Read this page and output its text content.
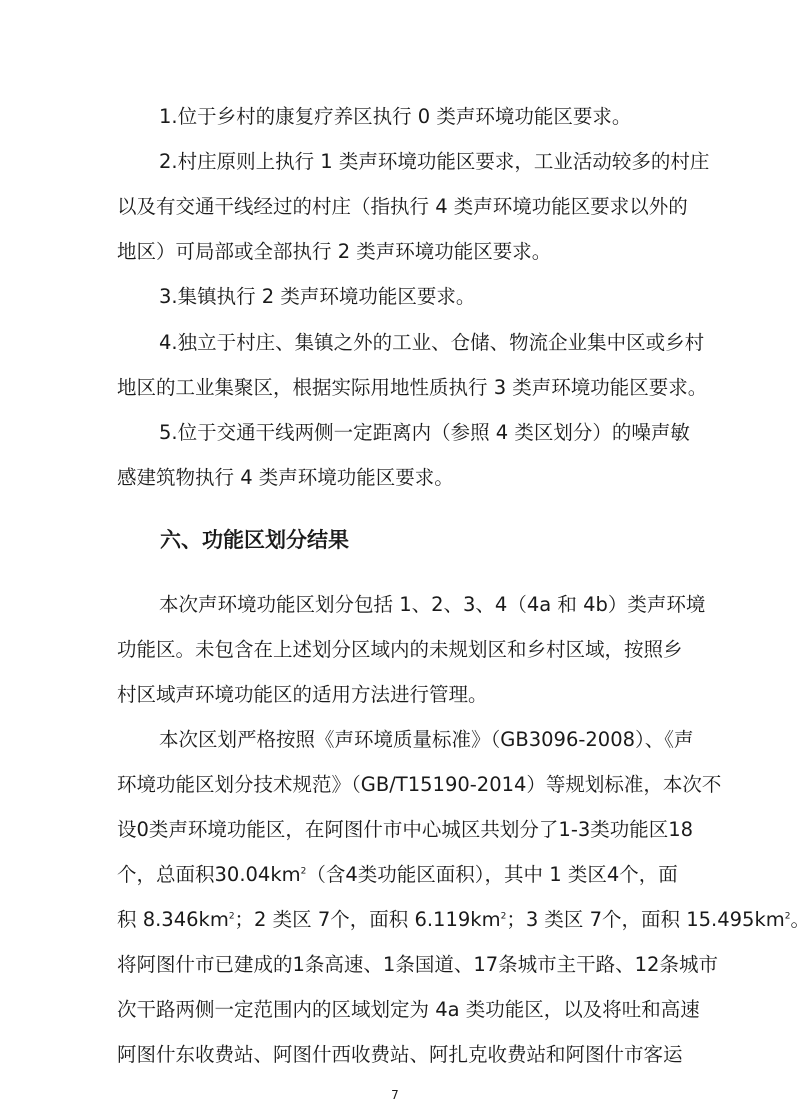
1.位于乡村的康复疗养区执行 0 类声环境功能区要求。
2.村庄原则上执行 1 类声环境功能区要求，工业活动较多的村庄
以及有交通干线经过的村庄（指执行 4 类声环境功能区要求以外的
地区）可局部或全部执行 2 类声环境功能区要求。
3.集镇执行 2 类声环境功能区要求。
4.独立于村庄、集镇之外的工业、仓储、物流企业集中区或乡村
地区的工业集聚区，根据实际用地性质执行 3 类声环境功能区要求。
5.位于交通干线两侧一定距离内（参照 4 类区划分）的噪声敏
感建筑物执行 4 类声环境功能区要求。
六、功能区划分结果
本次声环境功能区划分包括 1、2、3、4（4a 和 4b）类声环境
功能区。未包含在上述划分区域内的未规划区和乡村区域，按照乡
村区域声环境功能区的适用方法进行管理。
本次区划严格按照《声环境质量标准》（GB3096-2008）、《声
环境功能区划分技术规范》（GB/T15190-2014）等规划标准，本次不
设0类声环境功能区，在阿图什市中心城区共划分了1-3类功能区18
个，总面积$30.04km^2$（含4类功能区面积），其中 1 类区4个，面
积 $8.346km^2$；2 类区 7个，面积 $6.119km^2$；3 类区 7个，面积 $15.495km^2$。
将阿图什市已建成的1条高速、1条国道、17条城市主干路、12条城市
次干路两侧一定范围内的区域划定为 4a 类功能区，以及将吐和高速
阿图什东收费站、阿图什西收费站、阿扎克收费站和阿图什市客运
7
